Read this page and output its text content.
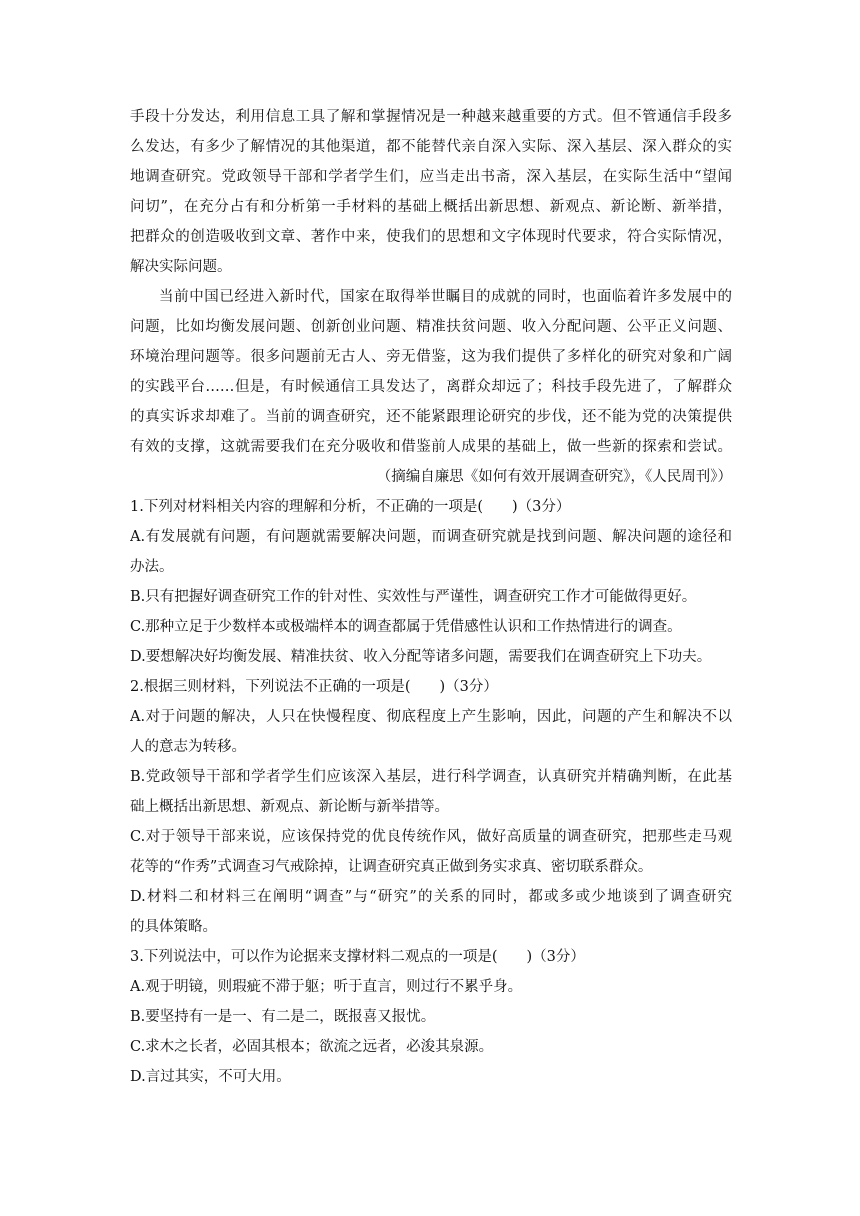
手段十分发达，利用信息工具了解和掌握情况是一种越来越重要的方式。但不管通信手段多
么发达，有多少了解情况的其他渠道，都不能替代亲自深入实际、深入基层、深入群众的实
地调查研究。党政领导干部和学者学生们，应当走出书斋，深入基层，在实际生活中“望闻
问切”，在充分占有和分析第一手材料的基础上概括出新思想、新观点、新论断、新举措，
把群众的创造吸收到文章、著作中来，使我们的思想和文字体现时代要求，符合实际情况，
解决实际问题。
当前中国已经进入新时代，国家在取得举世瞩目的成就的同时，也面临着许多发展中的
问题，比如均衡发展问题、创新创业问题、精准扶贫问题、收入分配问题、公平正义问题、
环境治理问题等。很多问题前无古人、旁无借鉴，这为我们提供了多样化的研究对象和广阔
的实践平台……但是，有时候通信工具发达了，离群众却远了；科技手段先进了，了解群众
的真实诉求却难了。当前的调查研究，还不能紧跟理论研究的步伐，还不能为党的决策提供
有效的支撑，这就需要我们在充分吸收和借鉴前人成果的基础上，做一些新的探索和尝试。
（摘编自廉思《如何有效开展调查研究》，《人民周刊》）
1.下列对材料相关内容的理解和分析，不正确的一项是(　　)（3分）
A.有发展就有问题，有问题就需要解决问题，而调查研究就是找到问题、解决问题的途径和
办法。
B.只有把握好调查研究工作的针对性、实效性与严谨性，调查研究工作才可能做得更好。
C.那种立足于少数样本或极端样本的调查都属于凭借感性认识和工作热情进行的调查。
D.要想解决好均衡发展、精准扶贫、收入分配等诸多问题，需要我们在调查研究上下功夫。
2.根据三则材料，下列说法不正确的一项是(　　)（3分）
A.对于问题的解决，人只在快慢程度、彻底程度上产生影响，因此，问题的产生和解决不以
人的意志为转移。
B.党政领导干部和学者学生们应该深入基层，进行科学调查，认真研究并精确判断，在此基
础上概括出新思想、新观点、新论断与新举措等。
C.对于领导干部来说，应该保持党的优良传统作风，做好高质量的调查研究，把那些走马观
花等的“作秀”式调查习气戒除掉，让调查研究真正做到务实求真、密切联系群众。
D.材料二和材料三在阐明“调查”与“研究”的关系的同时，都或多或少地谈到了调查研究
的具体策略。
3.下列说法中，可以作为论据来支撑材料二观点的一项是(　　)（3分）
A.观于明镜，则瑕疵不滞于躯；听于直言，则过行不累乎身。
B.要坚持有一是一、有二是二，既报喜又报忧。
C.求木之长者，必固其根本；欲流之远者，必浚其泉源。
D.言过其实，不可大用。
